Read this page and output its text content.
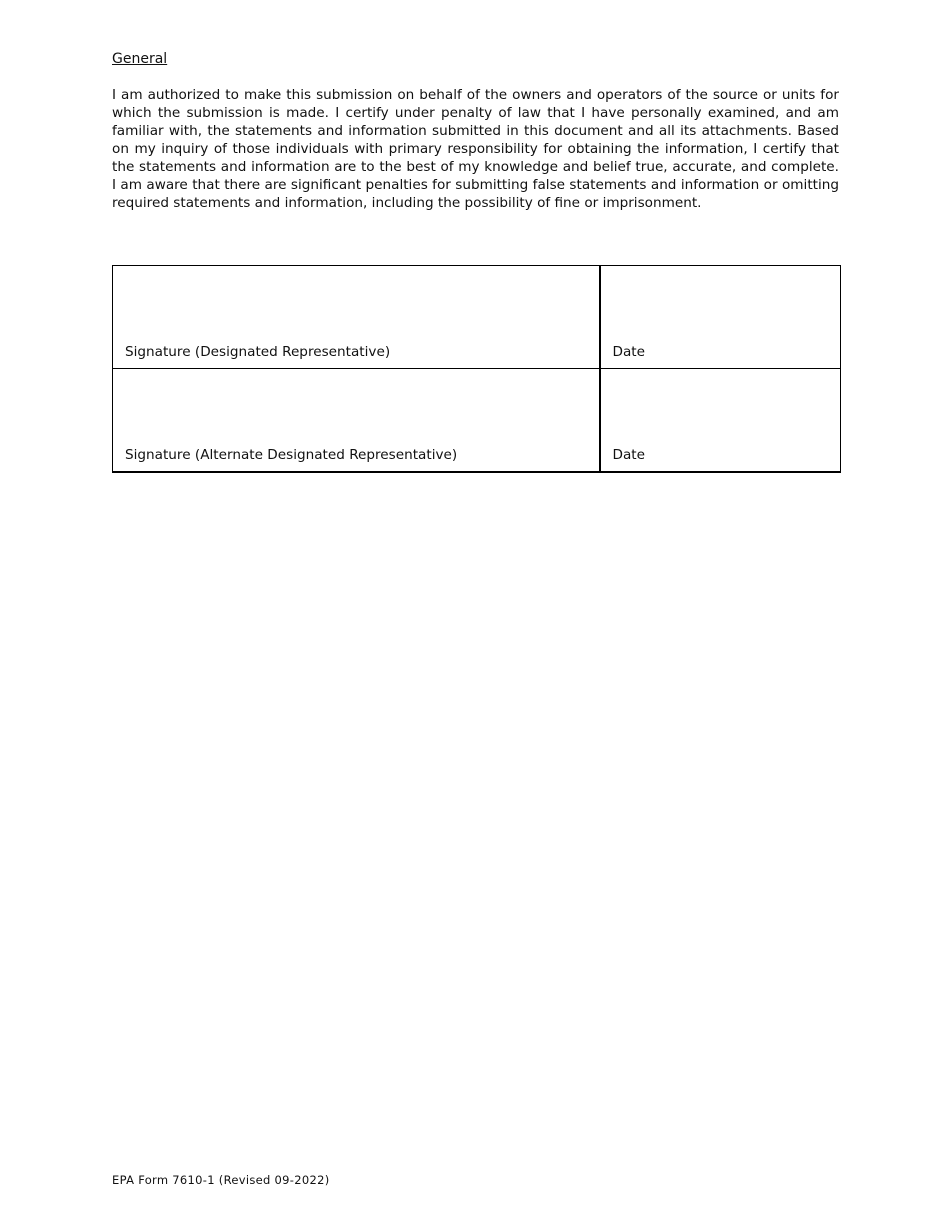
General

I am authorized to make this submission on behalf of the owners and operators of the source or units for which the submission is made. I certify under penalty of law that I have personally examined, and am familiar with, the statements and information submitted in this document and all its attachments. Based on my inquiry of those individuals with primary responsibility for obtaining the information, I certify that the statements and information are to the best of my knowledge and belief true, accurate, and complete. I am aware that there are significant penalties for submitting false statements and information or omitting required statements and information, including the possibility of fine or imprisonment.

Signature (Designated Representative)	Date
Signature (Alternate Designated Representative)	Date
EPA Form 7610-1 (Revised 09-2022)
